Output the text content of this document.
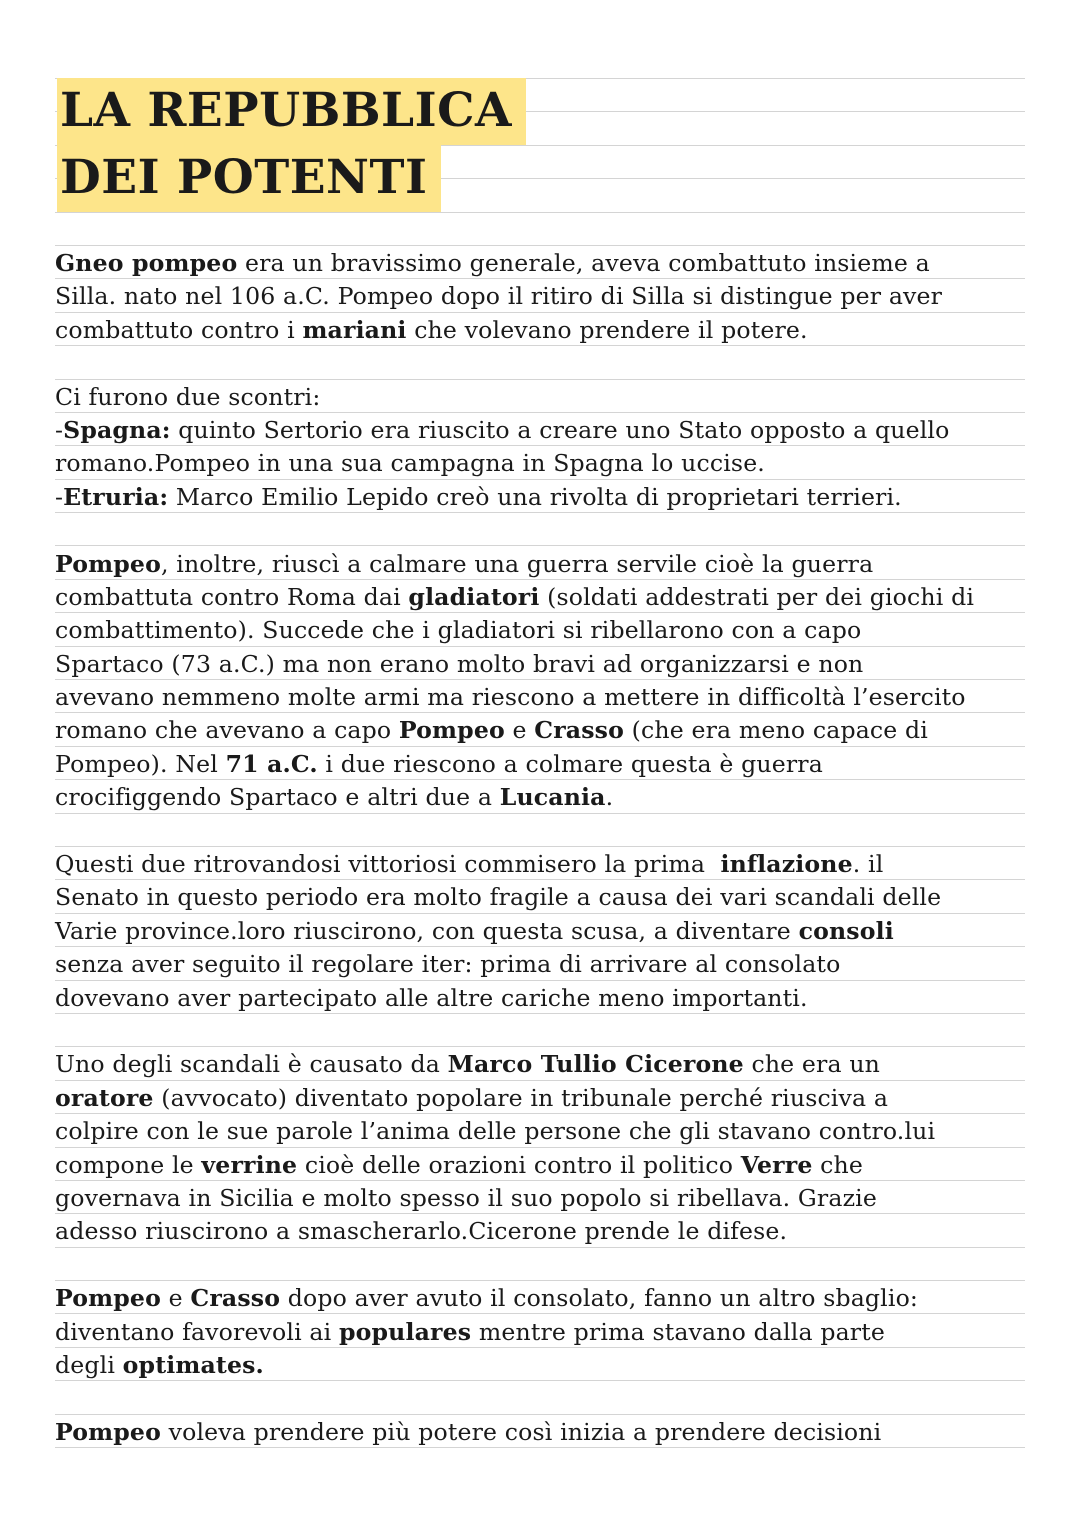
LA REPUBBLICA
DEI POTENTI
Gneo pompeo era un bravissimo generale, aveva combattuto insieme a
Silla. nato nel 106 a.C. Pompeo dopo il ritiro di Silla si distingue per aver
combattuto contro i mariani che volevano prendere il potere.
Ci furono due scontri:
-Spagna: quinto Sertorio era riuscito a creare uno Stato opposto a quello
romano.Pompeo in una sua campagna in Spagna lo uccise.
-Etruria: Marco Emilio Lepido creò una rivolta di proprietari terrieri.
Pompeo, inoltre, riuscì a calmare una guerra servile cioè la guerra
combattuta contro Roma dai gladiatori (soldati addestrati per dei giochi di
combattimento). Succede che i gladiatori si ribellarono con a capo
Spartaco (73 a.C.) ma non erano molto bravi ad organizzarsi e non
avevano nemmeno molte armi ma riescono a mettere in difficoltà l’esercito
romano che avevano a capo Pompeo e Crasso (che era meno capace di
Pompeo). Nel 71 a.C. i due riescono a colmare questa è guerra
crocifiggendo Spartaco e altri due a Lucania.
Questi due ritrovandosi vittoriosi commisero la prima  inflazione. il
Senato in questo periodo era molto fragile a causa dei vari scandali delle
Varie province.loro riuscirono, con questa scusa, a diventare consoli
senza aver seguito il regolare iter: prima di arrivare al consolato
dovevano aver partecipato alle altre cariche meno importanti.
Uno degli scandali è causato da Marco Tullio Cicerone che era un
oratore (avvocato) diventato popolare in tribunale perché riusciva a
colpire con le sue parole l’anima delle persone che gli stavano contro.lui
compone le verrine cioè delle orazioni contro il politico Verre che
governava in Sicilia e molto spesso il suo popolo si ribellava. Grazie
adesso riuscirono a smascherarlo.Cicerone prende le difese.
Pompeo e Crasso dopo aver avuto il consolato, fanno un altro sbaglio:
diventano favorevoli ai populares mentre prima stavano dalla parte
degli optimates.
Pompeo voleva prendere più potere così inizia a prendere decisioni
